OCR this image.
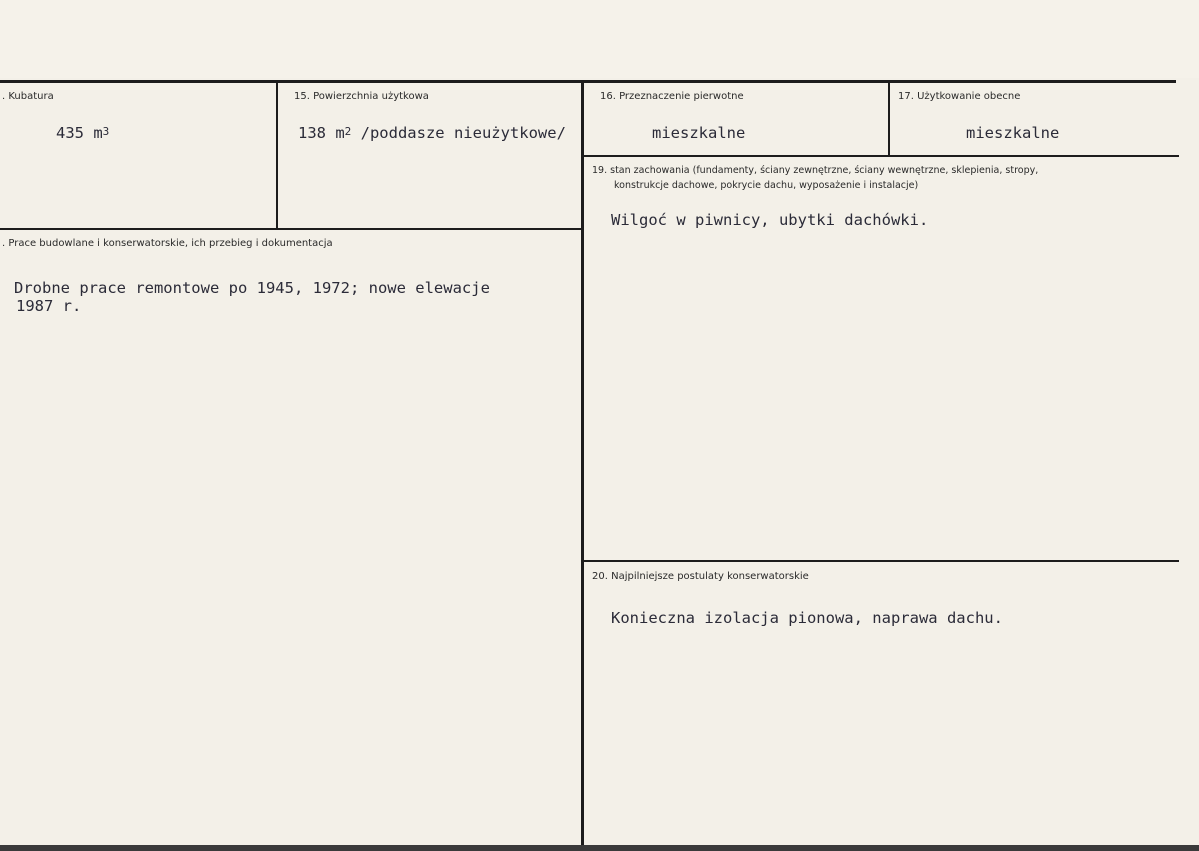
. Kubatura
435 $m^3$
15. Powierzchnia użytkowa
138 $m^2$ /poddasze nieużytkowe/
16. Przeznaczenie pierwotne
mieszkalne
17. Użytkowanie obecne
mieszkalne
19. stan zachowania (fundamenty, ściany zewnętrzne, ściany wewnętrzne, sklepienia, stropy,
konstrukcje dachowe, pokrycie dachu, wyposażenie i instalacje)
Wilgoć w piwnicy, ubytki dachówki.
. Prace budowlane i konserwatorskie, ich przebieg i dokumentacja
Drobne prace remontowe po 1945, 1972; nowe elewacje
1987 r.
20. Najpilniejsze postulaty konserwatorskie
Konieczna izolacja pionowa, naprawa dachu.
